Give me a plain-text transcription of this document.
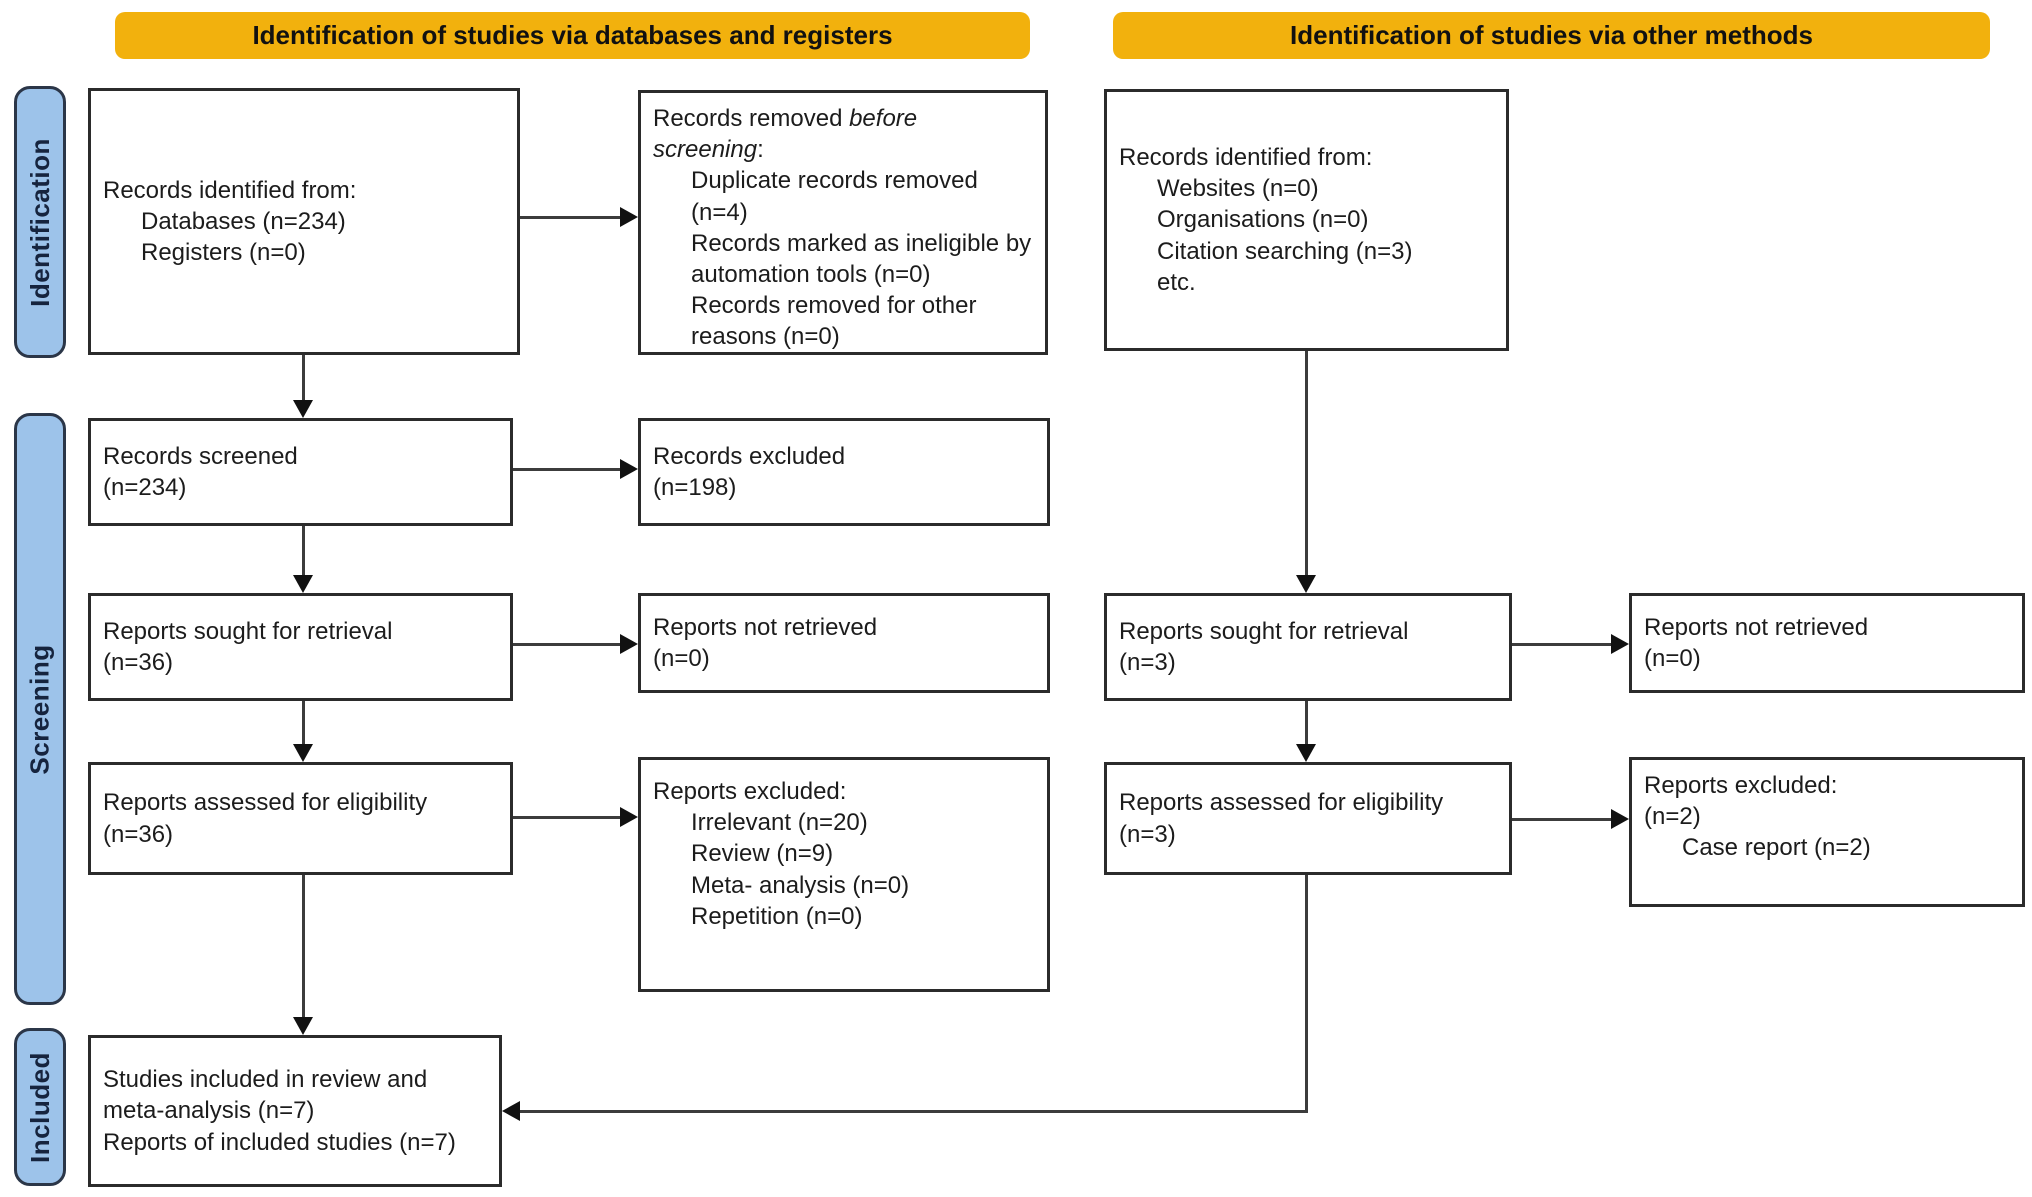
Identification of studies via databases and registers	Identification of studies via other methods
Identification
Screening
Included
Records identified from:
Databases (n=234)
Registers (n=0)
Records removed before screening:
Duplicate records removed (n=4)
Records marked as ineligible by automation tools (n=0)
Records removed for other reasons (n=0)
Records screened
(n=234)
Records excluded
(n=198)
Reports sought for retrieval
(n=36)
Reports not retrieved
(n=0)
Reports assessed for eligibility
(n=36)
Reports excluded:
Irrelevant (n=20)
Review (n=9)
Meta- analysis (n=0)
Repetition (n=0)
Studies included in review and meta-analysis (n=7)
Reports of included studies (n=7)
Records identified from:
Websites (n=0)
Organisations (n=0)
Citation searching (n=3)
etc.
Reports sought for retrieval
(n=3)
Reports not retrieved
(n=0)
Reports assessed for eligibility
(n=3)
Reports excluded:
(n=2)
Case report (n=2)
